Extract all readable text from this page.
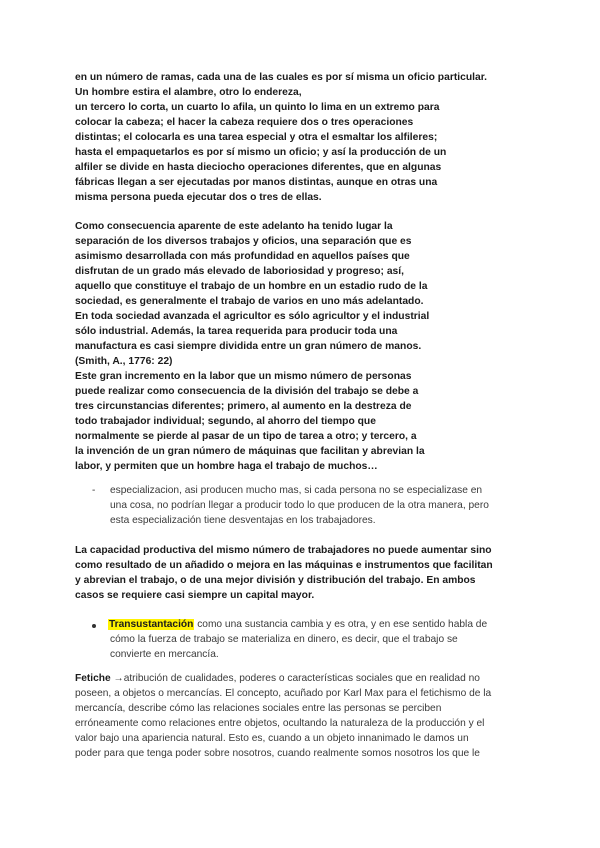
en un número de ramas, cada una de las cuales es por sí misma un oficio particular.
Un hombre estira el alambre, otro lo endereza,
un tercero lo corta, un cuarto lo afila, un quinto lo lima en un extremo para
colocar la cabeza; el hacer la cabeza requiere dos o tres operaciones
distintas; el colocarla es una tarea especial y otra el esmaltar los alfileres;
hasta el empaquetarlos es por sí mismo un oficio; y así la producción de un
alfiler se divide en hasta dieciocho operaciones diferentes, que en algunas
fábricas llegan a ser ejecutadas por manos distintas, aunque en otras una
misma persona pueda ejecutar dos o tres de ellas.
Como consecuencia aparente de este adelanto ha tenido lugar la
separación de los diversos trabajos y oficios, una separación que es
asimismo desarrollada con más profundidad en aquellos países que
disfrutan de un grado más elevado de laboriosidad y progreso; así,
aquello que constituye el trabajo de un hombre en un estadio rudo de la
sociedad, es generalmente el trabajo de varios en uno más adelantado.
En toda sociedad avanzada el agricultor es sólo agricultor y el industrial
sólo industrial. Además, la tarea requerida para producir toda una
manufactura es casi siempre dividida entre un gran número de manos.
(Smith, A., 1776: 22)
Este gran incremento en la labor que un mismo número de personas
puede realizar como consecuencia de la división del trabajo se debe a
tres circunstancias diferentes; primero, al aumento en la destreza de
todo trabajador individual; segundo, al ahorro del tiempo que
normalmente se pierde al pasar de un tipo de tarea a otro; y tercero, a
la invención de un gran número de máquinas que facilitan y abrevian la
labor, y permiten que un hombre haga el trabajo de muchos…
- especializacion, asi producen mucho mas, si cada persona no se especializase en
una cosa, no podrían llegar a producir todo lo que producen de la otra manera, pero
esta especialización tiene desventajas en los trabajadores.
La capacidad productiva del mismo número de trabajadores no puede aumentar sino
como resultado de un añadido o mejora en las máquinas e instrumentos que facilitan
y abrevian el trabajo, o de una mejor división y distribución del trabajo. En ambos
casos se requiere casi siempre un capital mayor.
Transustantación como una sustancia cambia y es otra, y en ese sentido habla de
cómo la fuerza de trabajo se materializa en dinero, es decir, que el trabajo se
convierte en mercancía.
Fetiche →atribución de cualidades, poderes o características sociales que en realidad no
poseen, a objetos o mercancías. El concepto, acuñado por Karl Max para el fetichismo de la
mercancía, describe cómo las relaciones sociales entre las personas se perciben
erróneamente como relaciones entre objetos, ocultando la naturaleza de la producción y el
valor bajo una apariencia natural. Esto es, cuando a un objeto innanimado le damos un
poder para que tenga poder sobre nosotros, cuando realmente somos nosotros los que le
